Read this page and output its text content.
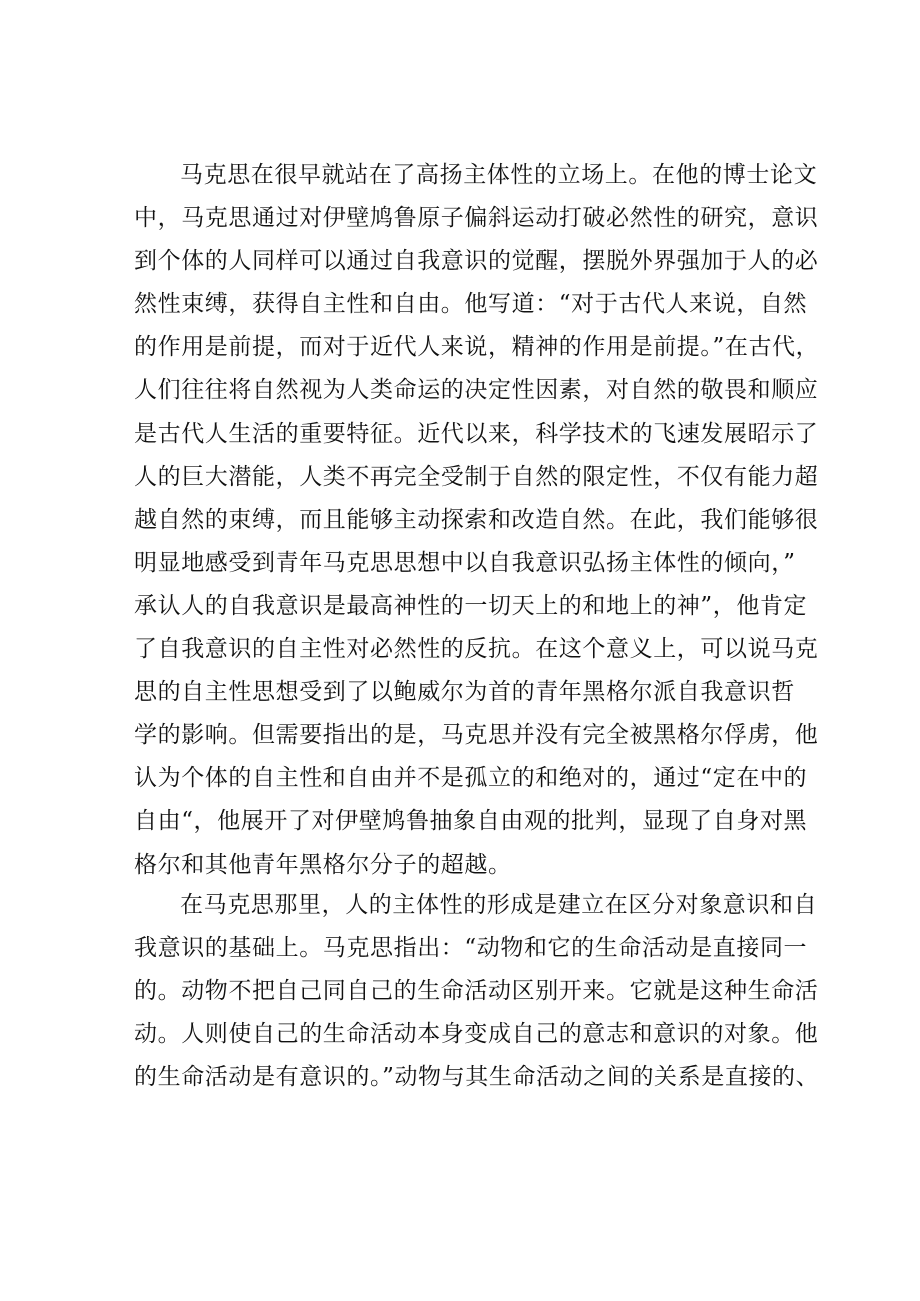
马克思在很早就站在了高扬主体性的立场上。在他的博士论文
中，马克思通过对伊壁鸠鲁原子偏斜运动打破必然性的研究，意识
到个体的人同样可以通过自我意识的觉醒，摆脱外界强加于人的必
然性束缚，获得自主性和自由。他写道：“对于古代人来说，自然
的作用是前提，而对于近代人来说，精神的作用是前提。”在古代，
人们往往将自然视为人类命运的决定性因素，对自然的敬畏和顺应
是古代人生活的重要特征。近代以来，科学技术的飞速发展昭示了
人的巨大潜能，人类不再完全受制于自然的限定性，不仅有能力超
越自然的束缚，而且能够主动探索和改造自然。在此，我们能够很
明显地感受到青年马克思思想中以自我意识弘扬主体性的倾向，”
承认人的自我意识是最高神性的一切天上的和地上的神”，他肯定
了自我意识的自主性对必然性的反抗。在这个意义上，可以说马克
思的自主性思想受到了以鲍威尔为首的青年黑格尔派自我意识哲
学的影响。但需要指出的是，马克思并没有完全被黑格尔俘虏，他
认为个体的自主性和自由并不是孤立的和绝对的，通过“定在中的
自由“，他展开了对伊壁鸠鲁抽象自由观的批判，显现了自身对黑
格尔和其他青年黑格尔分子的超越。
在马克思那里，人的主体性的形成是建立在区分对象意识和自
我意识的基础上。马克思指出：“动物和它的生命活动是直接同一
的。动物不把自己同自己的生命活动区别开来。它就是这种生命活
动。人则使自己的生命活动本身变成自己的意志和意识的对象。他
的生命活动是有意识的。”动物与其生命活动之间的关系是直接的、
